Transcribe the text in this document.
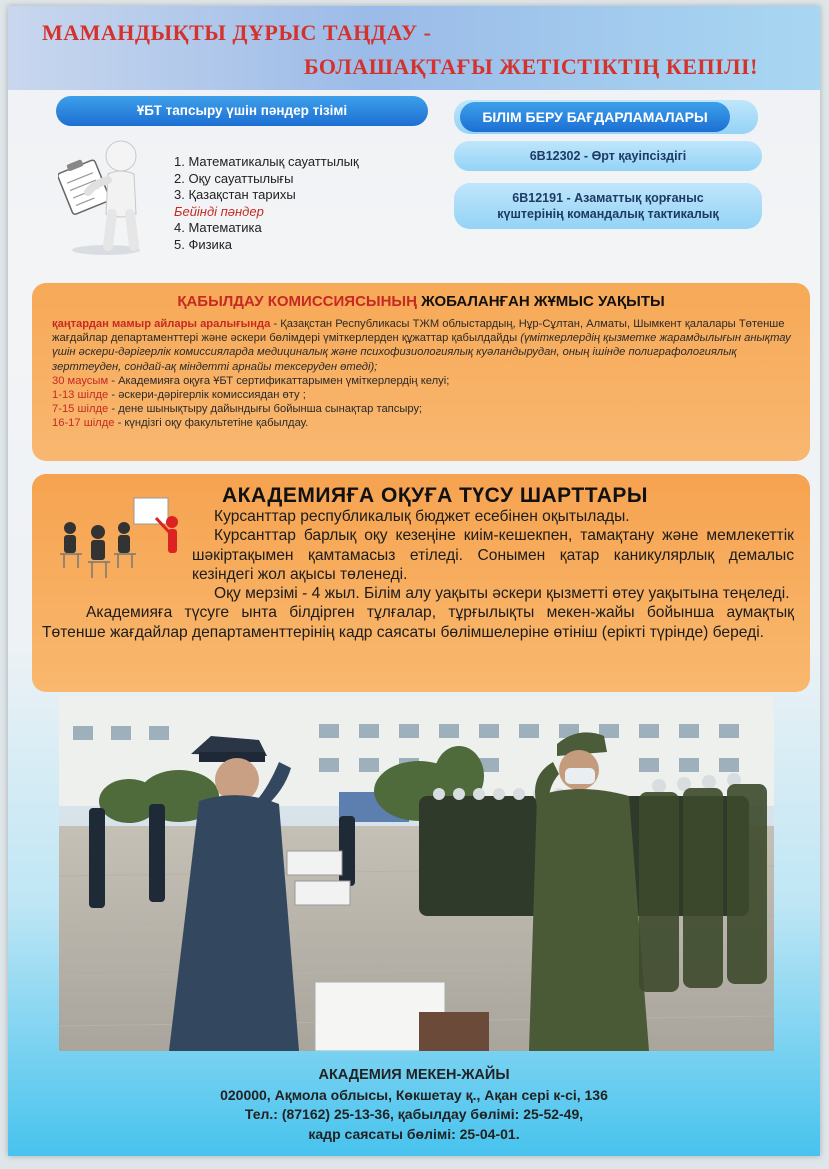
МАМАНДЫҚТЫ ДҰРЫС ТАҢДАУ -
БОЛАШАҚТАҒЫ ЖЕТІСТІКТІҢ КЕПІЛІ!
ҰБТ тапсыру үшін пәндер тізімі
1. Математикалық сауаттылық
2. Оқу сауаттылығы
3. Қазақстан тарихы
Бейінді пәндер
4. Математика
5. Физика
БІЛІМ БЕРУ БАҒДАРЛАМАЛАРЫ
6В12302 - Өрт қауіпсіздігі
6В12191 - Азаматтық қорғаныс
күштерінің командалық тактикалық
ҚАБЫЛДАУ КОМИССИЯСЫНЫҢ ЖОБАЛАНҒАН ЖҰМЫС УАҚЫТЫ
қаңтардан мамыр айлары аралығында - Қазақстан Республикасы ТЖМ облыстардың, Нұр-Сұлтан, Алматы, Шымкент қалалары Төтенше жағдайлар департаменттері және әскери бөлімдері үміткерлерден құжаттар қабылдайды (үміткерлердің қызметке жарамдылығын анықтау үшін әскери-дәрігерлік комиссияларда медициналық және психофизиологиялық куәландырудан, оның ішінде полиграфологиялық зерттеуден, сондай-ақ міндетті арнайы тексеруден өтеді);
30 маусым - Академияға оқуға ҰБТ сертификаттарымен үміткерлердің келуі;
1-13 шілде - әскери-дәрігерлік комиссиядан өту ;
7-15 шілде - дене шынықтыру дайындығы бойынша сынақтар тапсыру;
16-17 шілде - күндізгі оқу факультетіне қабылдау.
АКАДЕМИЯҒА ОҚУҒА ТҮСУ ШАРТТАРЫ

Курсанттар республикалық бюджет есебінен оқытылады.

Курсанттар барлық оқу кезеңіне киім-кешекпен, тамақтану және мемлекеттік шәкіртақымен қамтамасыз етіледі. Сонымен қатар каникулярлық демалыс кезіндегі жол ақысы төленеді.

Оқу мерзімі - 4 жыл. Білім алу уақыты әскери қызметті өтеу уақытына теңеледі.

Академияға түсуге ынта білдірген тұлғалар, тұрғылықты мекен-жайы бойынша аумақтық Төтенше жағдайлар департаменттерінің кадр саясаты бөлімшелеріне өтініш (ерікті түрінде) береді.

АКАДЕМИЯ МЕКЕН-ЖАЙЫ
020000, Ақмола облысы, Көкшетау қ., Ақан сері к-сі, 136
Тел.: (87162) 25-13-36, қабылдау бөлімі: 25-52-49,
кадр саясаты бөлімі: 25-04-01.
